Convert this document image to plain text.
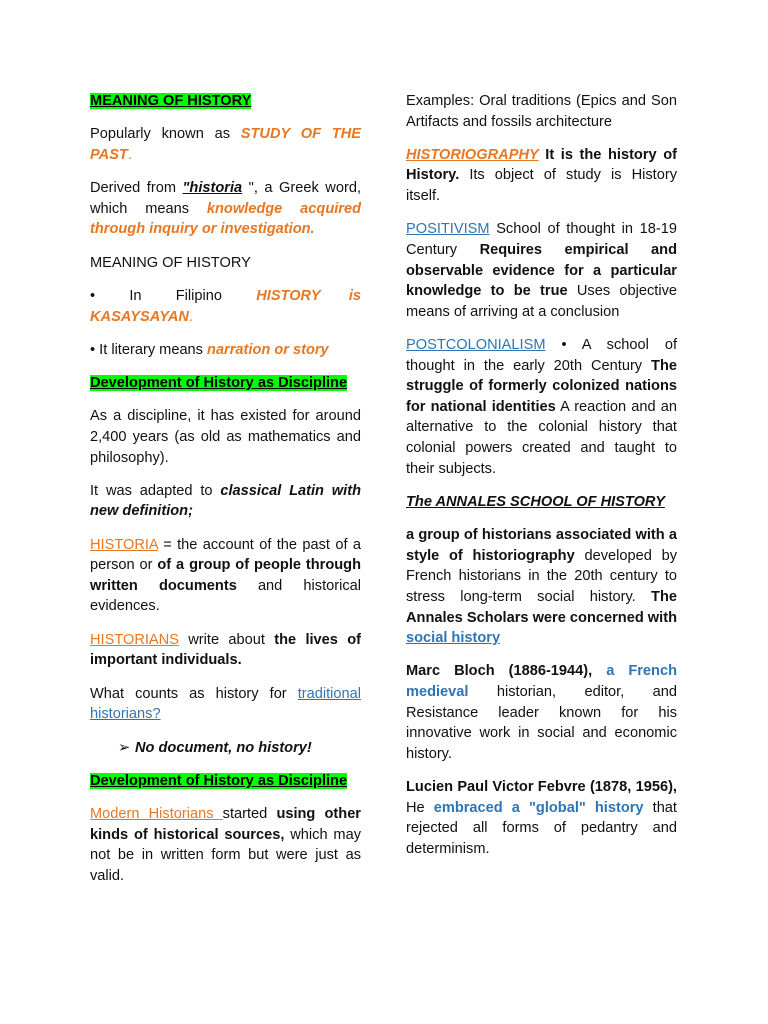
MEANING OF HISTORY

Popularly known as STUDY OF THE PAST.

Derived from "historia ", a Greek word, which means knowledge acquired through inquiry or investigation.

MEANING OF HISTORY

•      In      Filipino      HISTORY     is KASAYSAYAN.

• It literary means narration or story

Development of History as Discipline

As a discipline, it has existed for around 2,400 years (as old as mathematics and philosophy).

It was adapted to classical Latin with new definition;

HISTORIA = the account of the past of a person or of a group of people through written documents and historical evidences.

HISTORIANS write about the lives of important individuals.

What counts as history for traditional historians?

➢ No document, no history!

Development of History as Discipline

Modern Historians started using other kinds of historical sources, which may not be in written form but were just as valid.

Examples: Oral traditions (Epics and Son Artifacts and fossils architecture

HISTORIOGRAPHY It is the history of History. Its object of study is History itself.

POSITIVISM School of thought in 18-19 Century Requires empirical and observable evidence for a particular knowledge to be true Uses objective means of arriving at a conclusion

POSTCOLONIALISM • A school of thought in the early 20th Century The struggle of formerly colonized nations for national identities A reaction and an alternative to the colonial history that colonial powers created and taught to their subjects.

The ANNALES SCHOOL OF HISTORY

a group of historians associated with a style of historiography developed by French historians in the 20th century to stress long-term social history. The Annales Scholars were concerned with social history

Marc Bloch (1886-1944), a French medieval historian, editor, and Resistance leader known for his innovative work in social and economic history.

Lucien Paul Victor Febvre (1878, 1956), He embraced a "global" history that rejected all forms of pedantry and determinism.
